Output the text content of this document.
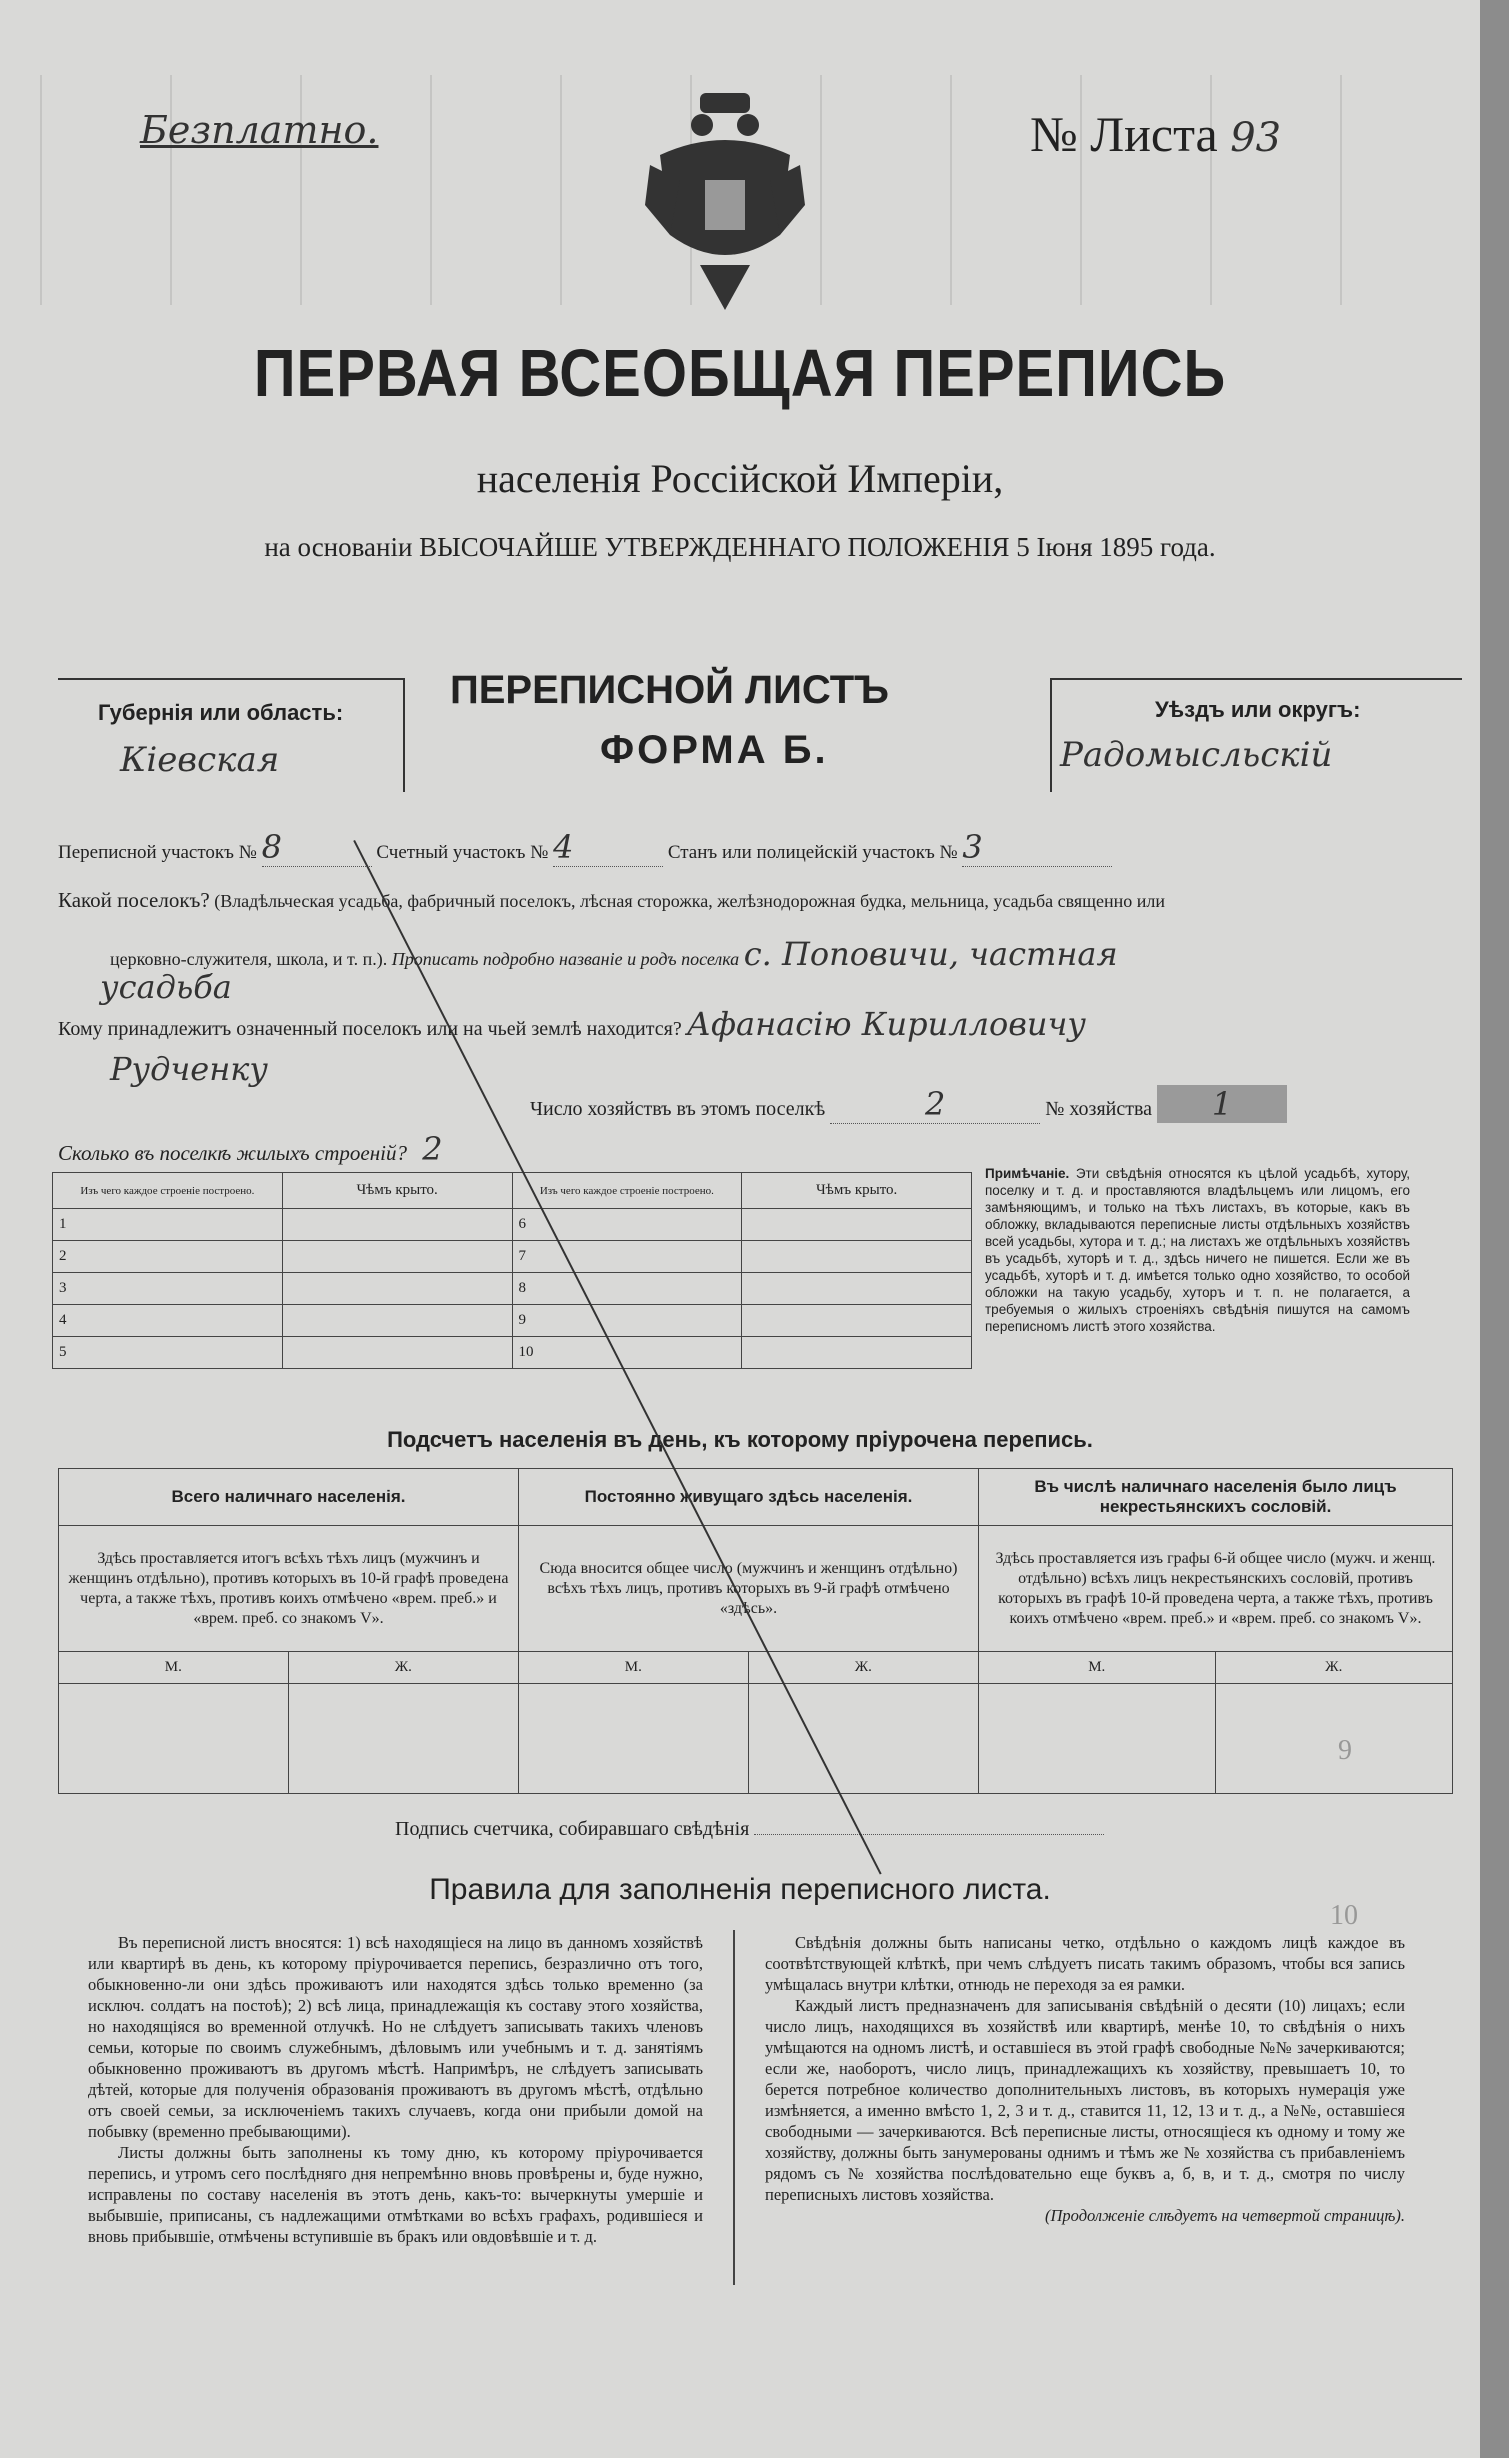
Безплатно.	№ Листа 93
ПЕРВАЯ ВСЕОБЩАЯ ПЕРЕПИСЬ
населенія Россійской Имперіи,
на основаніи ВЫСОЧАЙШЕ УТВЕРЖДЕННАГО ПОЛОЖЕНІЯ 5 Іюня 1895 года.
Губернія или область:
Кіевская
ПЕРЕПИСНОЙ ЛИСТЪ
ФОРМА Б.
Уѣздъ или округъ:
Радомысльскій
Переписной участокъ № 8	Счетный участокъ № 4	Станъ или полицейскій участокъ № 3
Какой поселокъ? (Владѣльческая усадьба, фабричный поселокъ, лѣсная сторожка, желѣзнодорожная будка, мельница, усадьба священно или
церковно-служителя, школа, и т. п.). Прописать подробно названіе и родъ поселка с. Поповичи, частная
усадьба
Кому принадлежитъ означенный поселокъ или на чьей землѣ находится? Афанасію Кирилловичу
Рудченку
Число хозяйствъ въ этомъ поселкѣ	2	№ хозяйства 1
Сколько въ поселкѣ жилыхъ строеній? 2
Изъ чего каждое строеніе построено.	Чѣмъ крыто.	Изъ чего каждое строеніе построено.	Чѣмъ крыто.
1		6	
2		7	
3		8	
4		9	
5		10	
Примѣчаніе. Эти свѣдѣнія относятся къ цѣлой усадьбѣ, хутору, поселку и т. д. и проставляются владѣльцемъ или лицомъ, его замѣняющимъ, и только на тѣхъ листахъ, въ которые, какъ въ обложку, вкладываются переписные листы отдѣльныхъ хозяйствъ всей усадьбы, хутора и т. д.; на листахъ же отдѣльныхъ хозяйствъ въ усадьбѣ, хуторѣ и т. д., здѣсь ничего не пишется. Если же въ усадьбѣ, хуторѣ и т. д. имѣется только одно хозяйство, то особой обложки на такую усадьбу, хуторъ и т. п. не полагается, а требуемыя о жилыхъ строеніяхъ свѣдѣнія пишутся на самомъ переписномъ листѣ этого хозяйства.
Подсчетъ населенія въ день, къ которому пріурочена перепись.
Всего наличнаго населенія.		Постоянно живущаго здѣсь населенія.		Въ числѣ наличнаго населенія было лицъ некрестьянскихъ сословій.	
Здѣсь проставляется итогъ всѣхъ тѣхъ лицъ (мужчинъ и женщинъ отдѣльно), противъ которыхъ въ 10-й графѣ проведена черта, а также тѣхъ, противъ коихъ отмѣчено «врем. преб.» и «врем. преб. со знакомъ V».		Сюда вносится общее число (мужчинъ и женщинъ отдѣльно) всѣхъ тѣхъ лицъ, противъ которыхъ въ 9-й графѣ отмѣчено «здѣсь».		Здѣсь проставляется изъ графы 6-й общее число (мужч. и женщ. отдѣльно) всѣхъ лицъ некрестьянскихъ сословій, противъ которыхъ въ графѣ 10-й проведена черта, а также тѣхъ, противъ коихъ отмѣчено «врем. преб.» и «врем. преб. со знакомъ V».	
М.	Ж.	М.	Ж.	М.	Ж.

Подпись счетчика, собиравшаго свѣдѣнія
Правила для заполненія переписного листа.

Въ переписной листъ вносятся: 1) всѣ находящіеся на лицо въ данномъ хозяйствѣ или квартирѣ въ день, къ которому пріурочивается перепись, безразлично отъ того, обыкновенно-ли они здѣсь проживаютъ или находятся здѣсь только временно (за исключ. солдатъ на постоѣ); 2) всѣ лица, принадлежащія къ составу этого хозяйства, но находящіяся во временной отлучкѣ. Но не слѣдуетъ записывать такихъ членовъ семьи, которые по своимъ служебнымъ, дѣловымъ или учебнымъ и т. д. занятіямъ обыкновенно проживаютъ въ другомъ мѣстѣ. Напримѣръ, не слѣдуетъ записывать дѣтей, которые для полученія образованія проживаютъ въ другомъ мѣстѣ, отдѣльно отъ своей семьи, за исключеніемъ такихъ случаевъ, когда они прибыли домой на побывку (временно пребывающими).

Листы должны быть заполнены къ тому дню, къ которому пріурочивается перепись, и утромъ сего послѣдняго дня непремѣнно вновь провѣрены и, буде нужно, исправлены по составу населенія въ этотъ день, какъ-то: вычеркнуты умершіе и выбывшіе, приписаны, съ надлежащими отмѣтками во всѣхъ графахъ, родившіеся и вновь прибывшіе, отмѣчены вступившіе въ бракъ или овдовѣвшіе и т. д.

Свѣдѣнія должны быть написаны четко, отдѣльно о каждомъ лицѣ каждое въ соотвѣтствующей клѣткѣ, при чемъ слѣдуетъ писать такимъ образомъ, чтобы вся запись умѣщалась внутри клѣтки, отнюдь не переходя за ея рамки.

Каждый листъ предназначенъ для записыванія свѣдѣній о десяти (10) лицахъ; если число лицъ, находящихся въ хозяйствѣ или квартирѣ, менѣе 10, то свѣдѣнія о нихъ умѣщаются на одномъ листѣ, и оставшіеся въ этой графѣ свободные №№ зачеркиваются; если же, наоборотъ, число лицъ, принадлежащихъ къ хозяйству, превышаетъ 10, то берется потребное количество дополнительныхъ листовъ, въ которыхъ нумерація уже измѣняется, а именно вмѣсто 1, 2, 3 и т. д., ставится 11, 12, 13 и т. д., а №№, оставшіеся свободными — зачеркиваются. Всѣ переписные листы, относящіеся къ одному и тому же хозяйству, должны быть занумерованы однимъ и тѣмъ же № хозяйства съ прибавленіемъ рядомъ съ № хозяйства послѣдовательно еще буквъ а, б, в, и т. д., смотря по числу переписныхъ листовъ хозяйства.

(Продолженіе слѣдуетъ на четвертой страницѣ).

9
10
